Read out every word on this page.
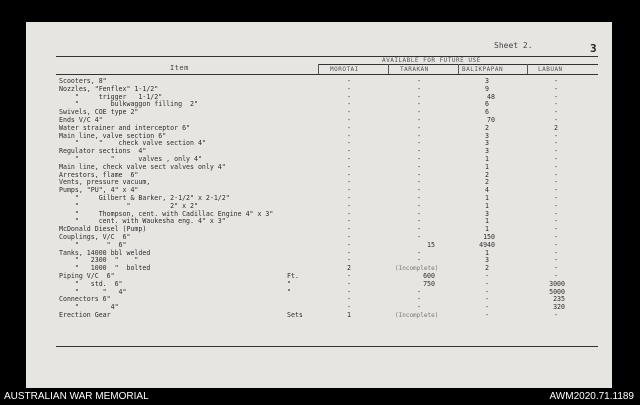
Sheet 2.	3
Item
AVAILABLE FOR FUTURE USE
MOROTAI	TARAKAN	BALIKPAPAN	LABUAN
Scooters, 8"	-	-	3	-
Nozzles, "Fenflex" 1-1/2"	-	-	9	-
"     trigger   1-1/2"	-	-	48	-
"        bulkwaggon filling  2"	-	-	6	-
Swivels, COE type 2"	-	-	6	-
Ends V/C 4"	-	-	70	-
Water strainer and interceptor 6"	-	-	2	2
Main line, valve section 6"	-	-	3	-
"     "    check valve section 4"	-	-	3	-
Regulator sections  4"	-	-	3	-
"        "      valves , only 4"	-	-	1	-
Main line, check valve sect valves only 4"	-	-	1	-
Arrestors, flame  6"	-	-	2	-
Vents, pressure vacuum,	-	-	2	-
Pumps, "PU", 4" x 4"	-	-	4	-
"     Gilbert & Barker, 2-1/2" x 2-1/2"	-	-	1	-
"            "          2" x 2"	-	-	1	-
"     Thompson, cent. with Cadillac Engine 4" x 3"	-	-	3	-
"     cent. with Waukesha eng. 4" x 3"	-	-	1	-
McDonald Diesel (Pump)	-	-	1	-
Couplings, V/C  6"	-	-	150	-
"       "  6"	-	15	4940	-
Tanks, 14000 bbl welded	-	-	1	-
"   2300  "    "	-	-	3	-
"   1000  "  bolted	2	(Incomplete)	2	-
Piping V/C  6"	Ft.	-	600	-	-
"   std.  6"	"	-	750	-	3000
"      "   4"	"	-	-	-	5000
Connectors 6"	-	-	-	235
"        4"	-	-	-	320
Erection Gear	Sets	1	(Incomplete)	-	-
AUSTRALIAN WAR MEMORIAL	AWM2020.71.1189
